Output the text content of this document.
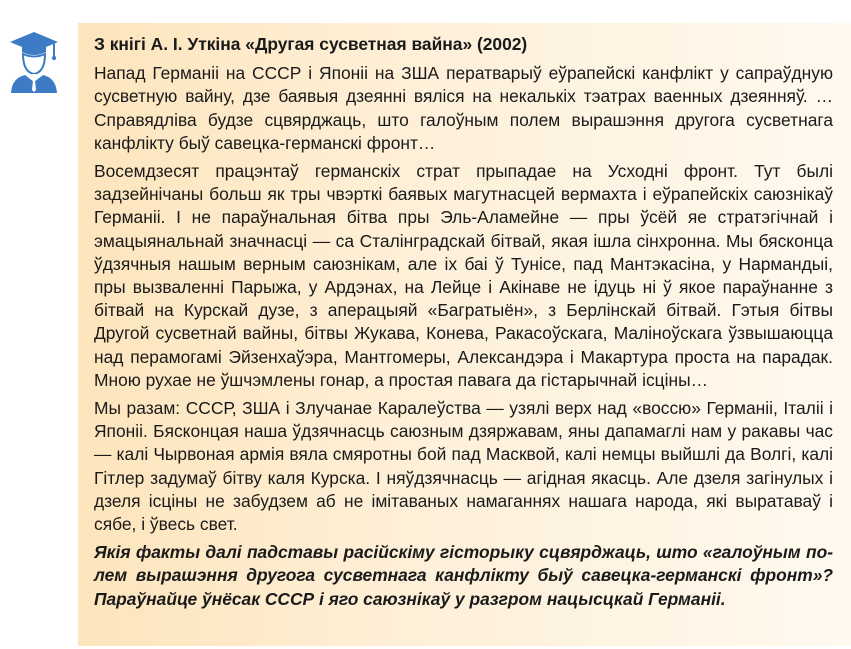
З кнігі А. І. Уткіна «Другая сусветная вайна» (2002)

Напад Германіі на СССР і Японіі на ЗША ператварыў еўрапейскі канфлікт у сапраўдную сусветную вайну, дзе баявыя дзеянні вяліся на некалькіх тэатрах ваенных дзеянняў. … Справядліва будзе сцвярджаць, што галоўным полем вырашэння другога сусветнага канфлікту быў савецка-германскі фронт…

Восемдзесят працэнтаў германскіх страт прыпадае на Усходні фронт. Тут былі задзейнічаны больш як тры чвэрткі баявых магутнасцей вермахта і еўрапейскіх саюзнікаў Германіі. І не параўнальная бітва пры Эль-Аламейне — пры ўсёй яе стратэгічнай і эмацыянальнай значнасці — са Сталінградскай бітвай, якая ішла сінхронна. Мы бясконца ўдзячныя нашым верным саюзнікам, але іх баі ў Тунісе, пад Мантэкасіна, у Нармандыі, пры вызваленні Парыжа, у Ардэнах, на Лейце і Акінаве не ідуць ні ў якое параўнанне з бітвай на Курскай дузе, з аперацыяй «Багратыён», з Берлінскай бітвай. Гэтыя бітвы Другой сусветнай вайны, бітвы Жукава, Конева, Ракасоўскага, Маліноўскага ўзвышаюцца над перамогамі Эйзенхаўэра, Мантгомеры, Александэра і Макартура проста на парадак. Мною рухае не ўшчэмлены гонар, а простая павага да гістарычнай ісціны…

Мы разам: СССР, ЗША і Злучанае Каралеўства — узялі верх над «воссю» Германіі, Італіі і Японіі. Бясконцая наша ўдзячнасць саюзным дзяржавам, яны дапамаглі нам у ракавы час — калі Чырвоная армія вяла смяротны бой пад Масквой, калі немцы выйшлі да Волгі, калі Гітлер задумаў бітву каля Курска. І няўдзячнасць — агідная якасць. Але дзеля загінулых і дзеля ісціны не забудзем аб не імітаваных намаганнях нашага народа, які выратаваў і сябе, і ўвесь свет.

Якія факты далі падставы расійскіму гісторыку сцвярджаць, што «галоўным полем вырашэння другога сусветнага канфлікту быў савецка-германскі фронт»? Параўнайце ўнёсак СССР і яго саюзнікаў у разгром нацысцкай Германіі.
